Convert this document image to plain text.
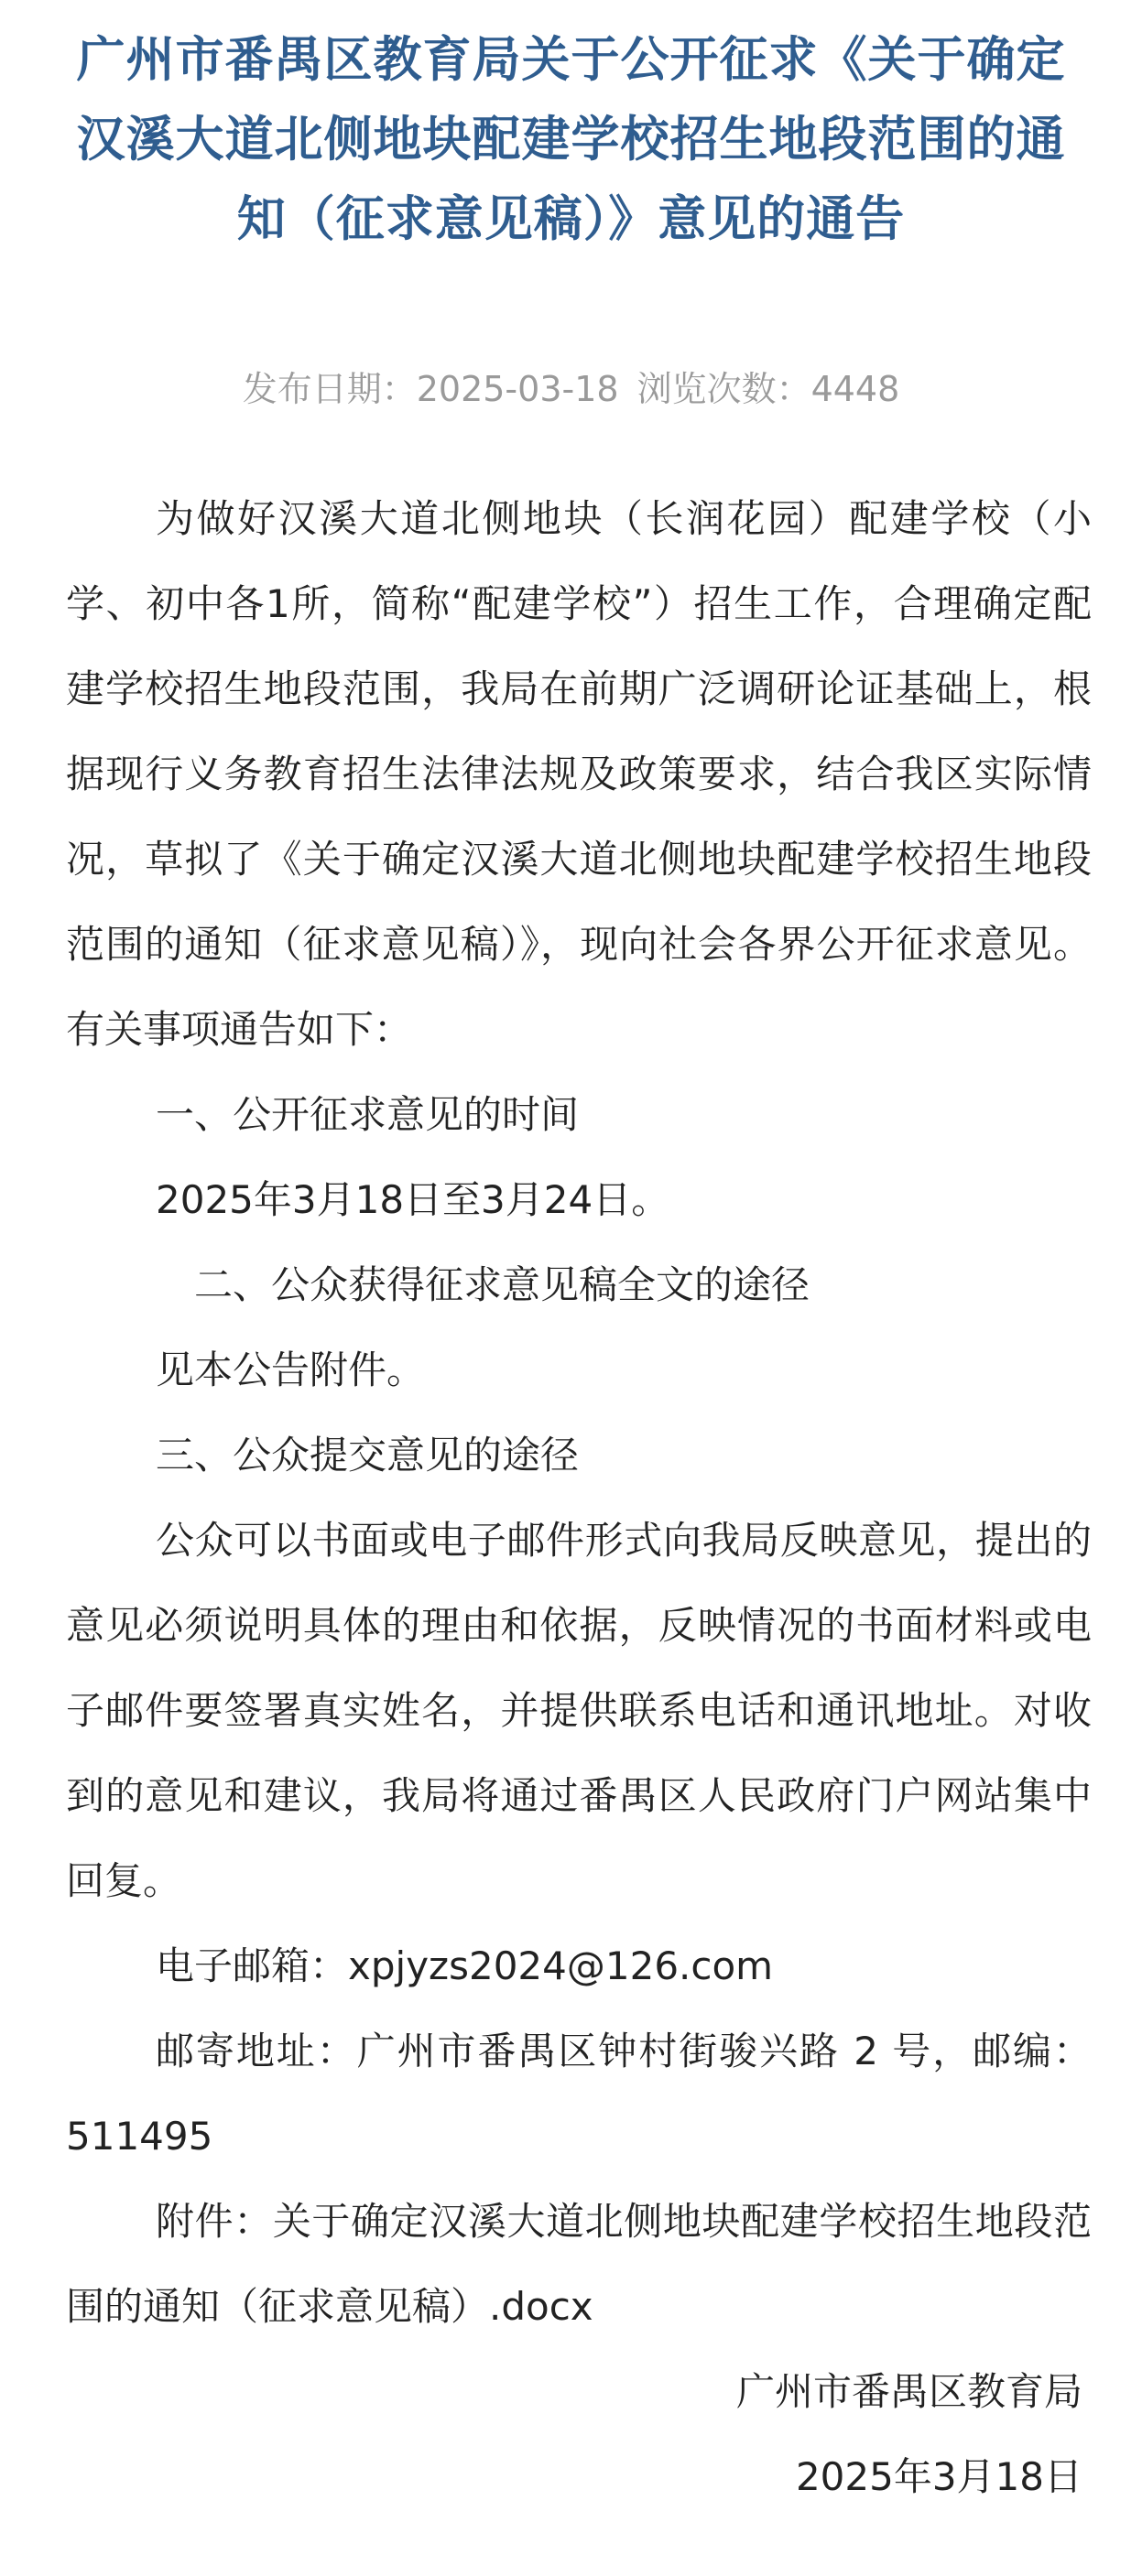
广州市番禺区教育局关于公开征求《关于确定汉溪大道北侧地块配建学校招生地段范围的通知（征求意见稿）》意见的通告
发布日期：2025-03-18 浏览次数：4448

为做好汉溪大道北侧地块（长润花园）配建学校（小学、初中各1所，简称“配建学校”）招生工作，合理确定配建学校招生地段范围，我局在前期广泛调研论证基础上，根据现行义务教育招生法律法规及政策要求，结合我区实际情况，草拟了《关于确定汉溪大道北侧地块配建学校招生地段范围的通知（征求意见稿）》，现向社会各界公开征求意见。有关事项通告如下：

一、公开征求意见的时间

2025年3月18日至3月24日。

二、公众获得征求意见稿全文的途径

见本公告附件。

三、公众提交意见的途径

公众可以书面或电子邮件形式向我局反映意见，提出的意见必须说明具体的理由和依据，反映情况的书面材料或电子邮件要签署真实姓名，并提供联系电话和通讯地址。对收到的意见和建议，我局将通过番禺区人民政府门户网站集中回复。

电子邮箱：xpjyzs2024@126.com

邮寄地址：广州市番禺区钟村街骏兴路 2 号，邮编：511495

附件：关于确定汉溪大道北侧地块配建学校招生地段范围的通知（征求意见稿）.docx

广州市番禺区教育局

2025年3月18日
